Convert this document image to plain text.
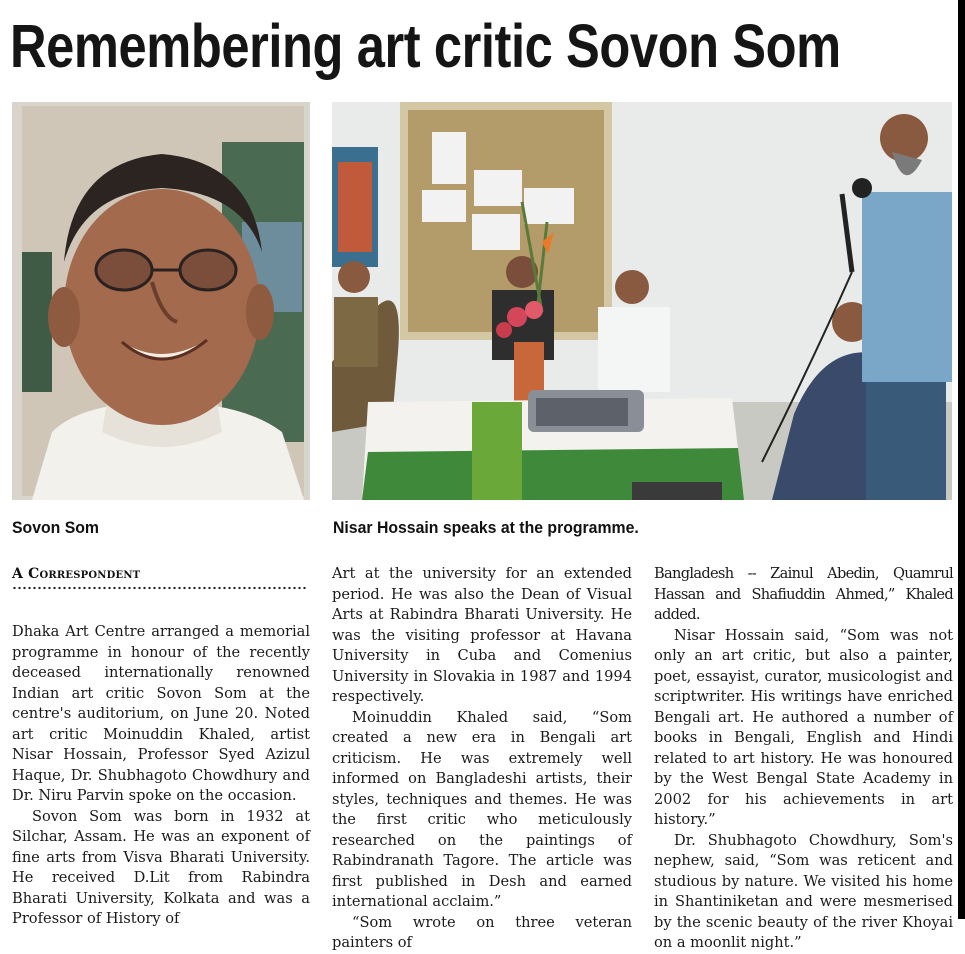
Remembering art critic Sovon Som
Sovon Som	Nisar Hossain speaks at the programme.
A Correspondent

Dhaka Art Centre arranged a memorial programme in honour of the recently deceased internationally renowned Indian art critic Sovon Som at the centre's auditorium, on June 20. Noted art critic Moinuddin Khaled, artist Nisar Hossain, Professor Syed Azizul Haque, Dr. Shubhagoto Chowdhury and Dr. Niru Parvin spoke on the occasion.

Sovon Som was born in 1932 at Silchar, Assam. He was an exponent of fine arts from Visva Bharati University. He received D.Lit from Rabindra Bharati University, Kolkata and was a Professor of History of

Art at the university for an extended period. He was also the Dean of Visual Arts at Rabindra Bharati University. He was the visiting professor at Havana University in Cuba and Comenius University in Slovakia in 1987 and 1994 respectively.

Moinuddin Khaled said, “Som created a new era in Bengali art criticism. He was extremely well informed on Bangladeshi artists, their styles, techniques and themes. He was the first critic who meticulously researched on the paintings of Rabindranath Tagore. The article was first published in Desh and earned international acclaim.”

“Som wrote on three veteran painters of

Bangladesh -- Zainul Abedin, Quamrul Hassan and Shafiuddin Ahmed,” Khaled added.

Nisar Hossain said, “Som was not only an art critic, but also a painter, poet, essayist, curator, musicologist and scriptwriter. His writings have enriched Bengali art. He authored a number of books in Bengali, English and Hindi related to art history. He was honoured by the West Bengal State Academy in 2002 for his achievements in art history.”

Dr. Shubhagoto Chowdhury, Som's nephew, said, “Som was reticent and studious by nature. We visited his home in Shantiniketan and were mesmerised by the scenic beauty of the river Khoyai on a moonlit night.”
